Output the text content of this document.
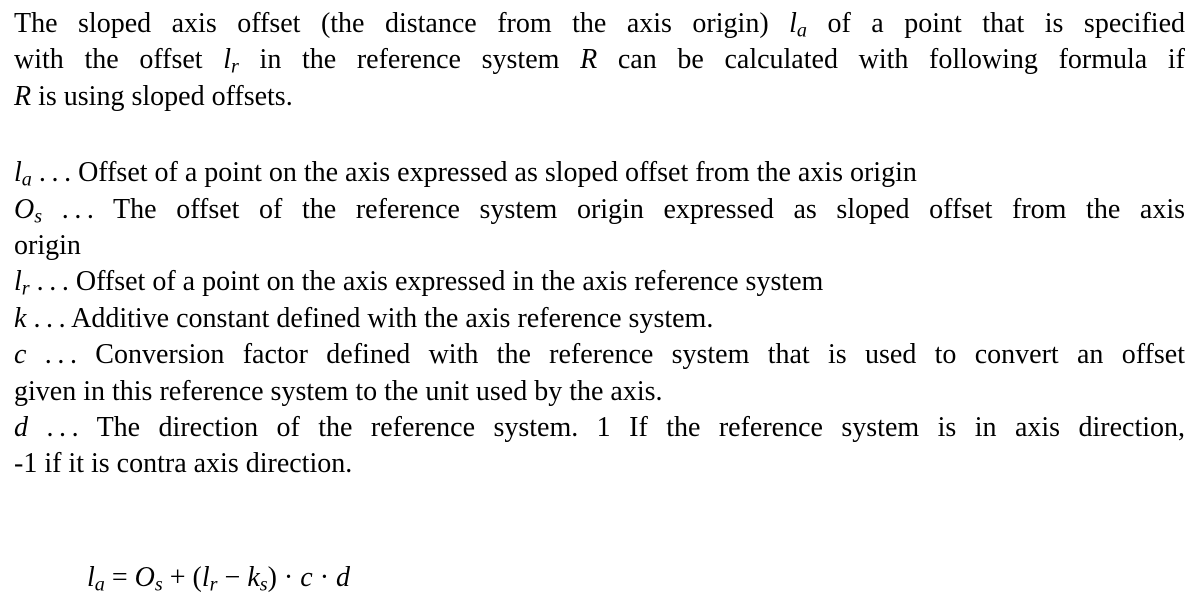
The sloped axis offset (the distance from the axis origin) $l_a$ of a point that is specified
with the offset $l_r$ in the reference system R can be calculated with following formula if
R is using sloped offsets.
$l_a$ . . . Offset of a point on the axis expressed as sloped offset from the axis origin
$O_s$ . . . The offset of the reference system origin expressed as sloped offset from the axis
origin
$l_r$ . . . Offset of a point on the axis expressed in the axis reference system
k . . . Additive constant defined with the axis reference system.
c . . . Conversion factor defined with the reference system that is used to convert an offset
given in this reference system to the unit used by the axis.
d . . . The direction of the reference system. 1 If the reference system is in axis direction,
-1 if it is contra axis direction.
$l_a = O_s + (l_r - k_s) \cdot c \cdot d$
